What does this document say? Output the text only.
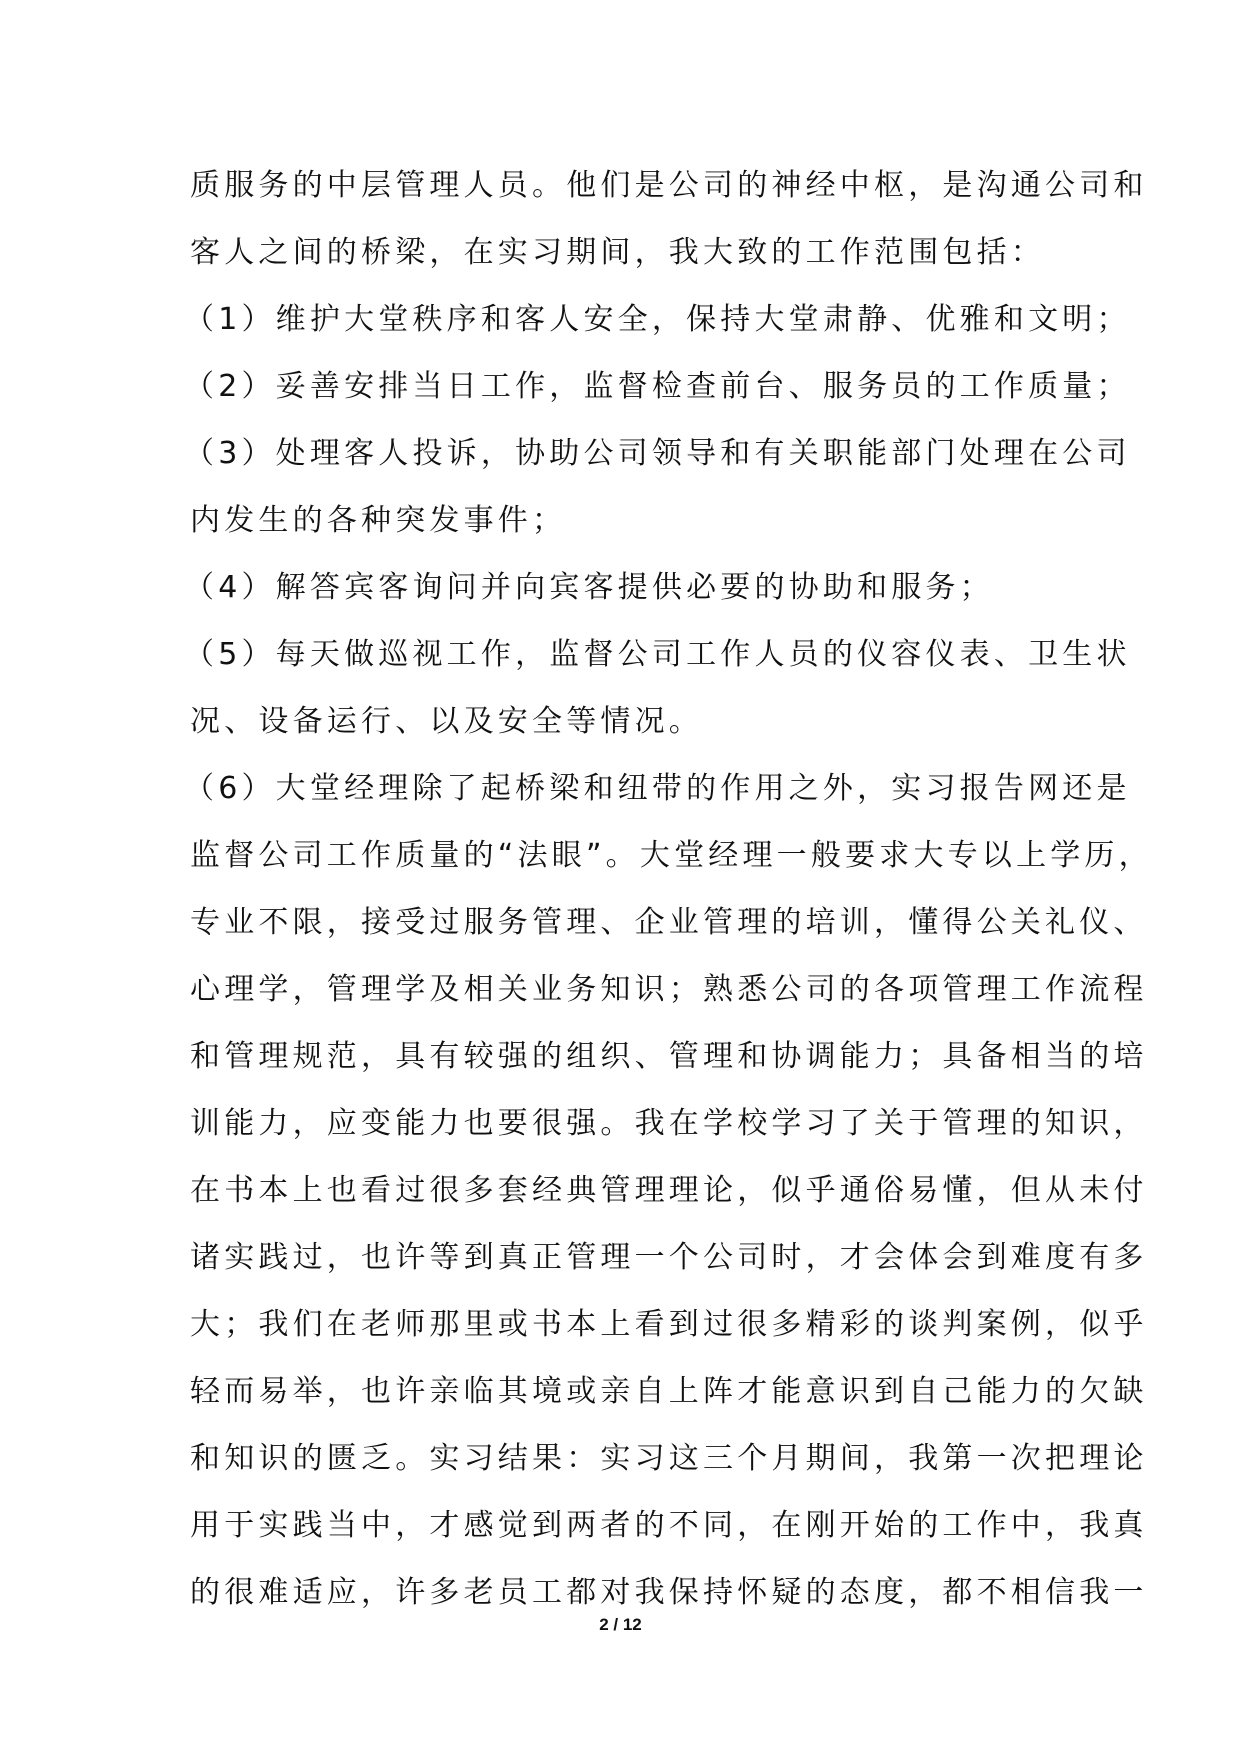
质服务的中层管理人员。他们是公司的神经中枢，是沟通公司和
客人之间的桥梁，在实习期间，我大致的工作范围包括：
（1）维护大堂秩序和客人安全，保持大堂肃静、优雅和文明；
（2）妥善安排当日工作，监督检查前台、服务员的工作质量；
（3）处理客人投诉，协助公司领导和有关职能部门处理在公司
内发生的各种突发事件；
（4）解答宾客询问并向宾客提供必要的协助和服务；
（5）每天做巡视工作，监督公司工作人员的仪容仪表、卫生状
况、设备运行、以及安全等情况。
（6）大堂经理除了起桥梁和纽带的作用之外，实习报告网还是
监督公司工作质量的“法眼”。大堂经理一般要求大专以上学历，
专业不限，接受过服务管理、企业管理的培训，懂得公关礼仪、
心理学，管理学及相关业务知识；熟悉公司的各项管理工作流程
和管理规范，具有较强的组织、管理和协调能力；具备相当的培
训能力，应变能力也要很强。我在学校学习了关于管理的知识，
在书本上也看过很多套经典管理理论，似乎通俗易懂，但从未付
诸实践过，也许等到真正管理一个公司时，才会体会到难度有多
大；我们在老师那里或书本上看到过很多精彩的谈判案例，似乎
轻而易举，也许亲临其境或亲自上阵才能意识到自己能力的欠缺
和知识的匮乏。实习结果：实习这三个月期间，我第一次把理论
用于实践当中，才感觉到两者的不同，在刚开始的工作中，我真
的很难适应，许多老员工都对我保持怀疑的态度，都不相信我一
2 / 12
